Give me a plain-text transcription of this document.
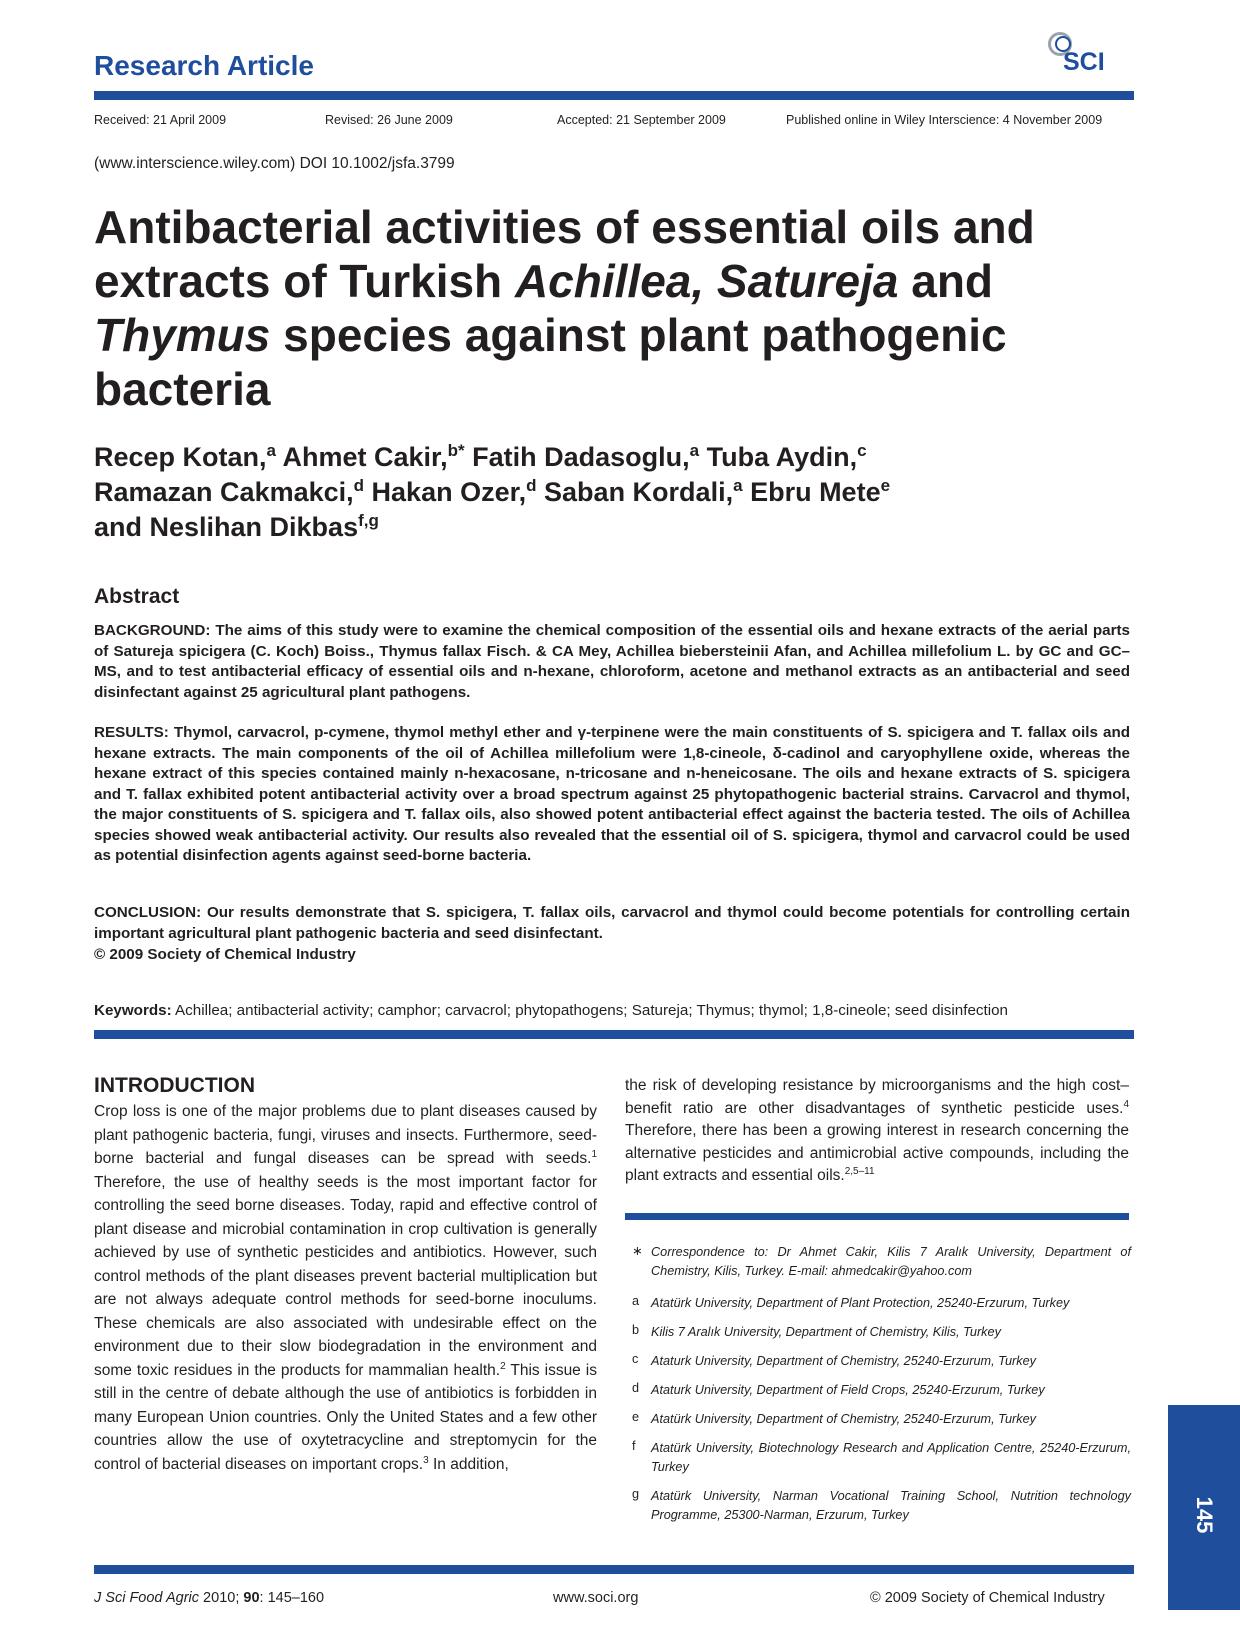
Research Article	SCI
Received: 21 April 2009	Revised: 26 June 2009	Accepted: 21 September 2009	Published online in Wiley Interscience: 4 November 2009
(www.interscience.wiley.com) DOI 10.1002/jsfa.3799
Antibacterial activities of essential oils and extracts of Turkish Achillea, Satureja and Thymus species against plant pathogenic bacteria
Recep Kotan,$^a$ Ahmet Cakir,$^{b*}$ Fatih Dadasoglu,$^a$ Tuba Aydin,$^c$
Ramazan Cakmakci,$^d$ Hakan Ozer,$^d$ Saban Kordali,$^a$ Ebru Mete$^e$
and Neslihan Dikbas$^{f,g}$
Abstract
BACKGROUND: The aims of this study were to examine the chemical composition of the essential oils and hexane extracts of the aerial parts of Satureja spicigera (C. Koch) Boiss., Thymus fallax Fisch. & CA Mey, Achillea biebersteinii Afan, and Achillea millefolium L. by GC and GC–MS, and to test antibacterial efficacy of essential oils and n-hexane, chloroform, acetone and methanol extracts as an antibacterial and seed disinfectant against 25 agricultural plant pathogens.
RESULTS: Thymol, carvacrol, p-cymene, thymol methyl ether and γ-terpinene were the main constituents of S. spicigera and T. fallax oils and hexane extracts. The main components of the oil of Achillea millefolium were 1,8-cineole, δ-cadinol and caryophyllene oxide, whereas the hexane extract of this species contained mainly n-hexacosane, n-tricosane and n-heneicosane. The oils and hexane extracts of S. spicigera and T. fallax exhibited potent antibacterial activity over a broad spectrum against 25 phytopathogenic bacterial strains. Carvacrol and thymol, the major constituents of S. spicigera and T. fallax oils, also showed potent antibacterial effect against the bacteria tested. The oils of Achillea species showed weak antibacterial activity. Our results also revealed that the essential oil of S. spicigera, thymol and carvacrol could be used as potential disinfection agents against seed-borne bacteria.
CONCLUSION: Our results demonstrate that S. spicigera, T. fallax oils, carvacrol and thymol could become potentials for controlling certain important agricultural plant pathogenic bacteria and seed disinfectant.
© 2009 Society of Chemical Industry
Keywords: Achillea; antibacterial activity; camphor; carvacrol; phytopathogens; Satureja; Thymus; thymol; 1,8-cineole; seed disinfection
INTRODUCTION
Crop loss is one of the major problems due to plant diseases caused by plant pathogenic bacteria, fungi, viruses and insects. Furthermore, seed-borne bacterial and fungal diseases can be spread with seeds.$^1$ Therefore, the use of healthy seeds is the most important factor for controlling the seed borne diseases. Today, rapid and effective control of plant disease and microbial contamination in crop cultivation is generally achieved by use of synthetic pesticides and antibiotics. However, such control methods of the plant diseases prevent bacterial multiplication but are not always adequate control methods for seed-borne inoculums. These chemicals are also associated with undesirable effect on the environment due to their slow biodegradation in the environment and some toxic residues in the products for mammalian health.$^2$ This issue is still in the centre of debate although the use of antibiotics is forbidden in many European Union countries. Only the United States and a few other countries allow the use of oxytetracycline and streptomycin for the control of bacterial diseases on important crops.$^3$ In addition,
the risk of developing resistance by microorganisms and the high cost–benefit ratio are other disadvantages of synthetic pesticide uses.$^4$ Therefore, there has been a growing interest in research concerning the alternative pesticides and antimicrobial active compounds, including the plant extracts and essential oils.$^{2,5-11}$
∗ Correspondence to: Dr Ahmet Cakir, Kilis 7 Aralık University, Department of Chemistry, Kilis, Turkey. E-mail: ahmedcakir@yahoo.com
a Atatürk University, Department of Plant Protection, 25240-Erzurum, Turkey
b Kilis 7 Aralık University, Department of Chemistry, Kilis, Turkey
c Ataturk University, Department of Chemistry, 25240-Erzurum, Turkey
d Ataturk University, Department of Field Crops, 25240-Erzurum, Turkey
e Atatürk University, Department of Chemistry, 25240-Erzurum, Turkey
f Atatürk University, Biotechnology Research and Application Centre, 25240-Erzurum, Turkey
g Atatürk University, Narman Vocational Training School, Nutrition technology Programme, 25300-Narman, Erzurum, Turkey	145
J Sci Food Agric 2010; 90: 145–160	www.soci.org	© 2009 Society of Chemical Industry
